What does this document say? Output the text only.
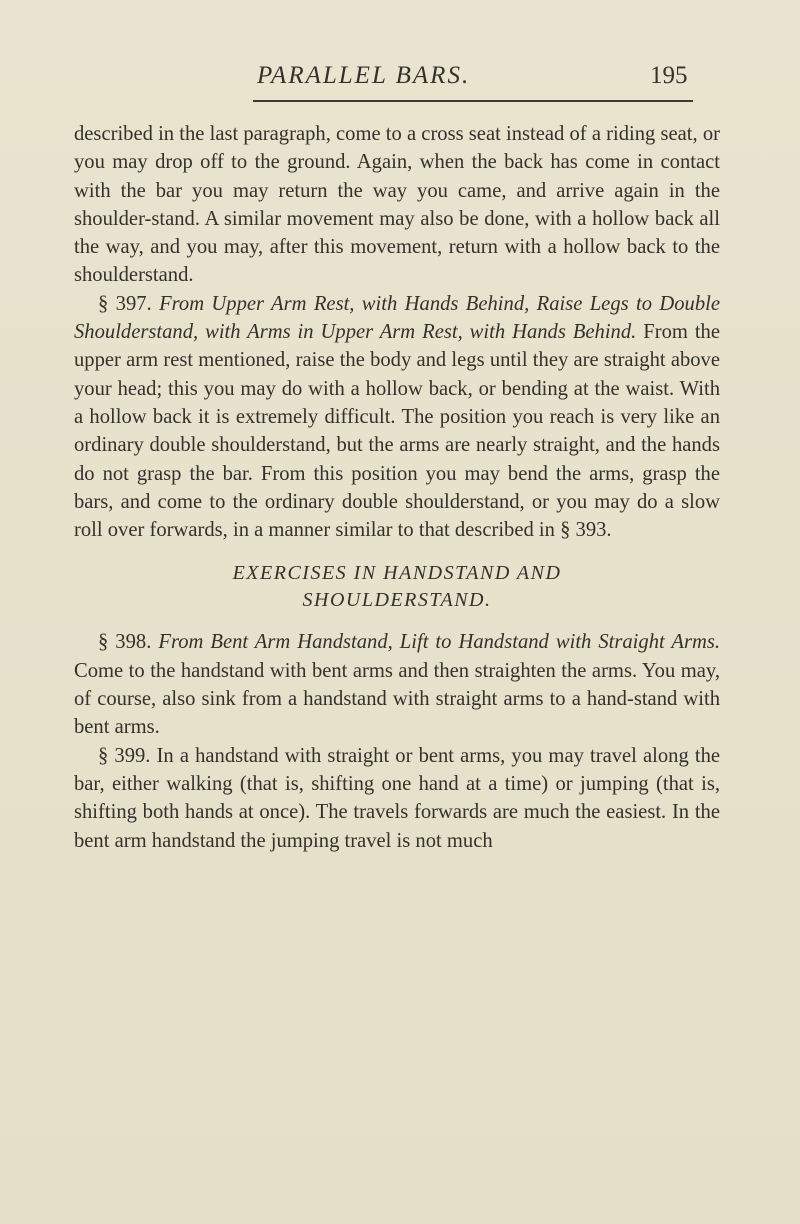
PARALLEL BARS.	195

described in the last paragraph, come to a cross seat instead of a riding seat, or you may drop off to the ground. Again, when the back has come in contact with the bar you may return the way you came, and arrive again in the shoulder-stand. A similar movement may also be done, with a hollow back all the way, and you may, after this movement, return with a hollow back to the shoulderstand.

§ 397. From Upper Arm Rest, with Hands Behind, Raise Legs to Double Shoulderstand, with Arms in Upper Arm Rest, with Hands Behind. From the upper arm rest mentioned, raise the body and legs until they are straight above your head; this you may do with a hollow back, or bending at the waist. With a hollow back it is extremely difficult. The position you reach is very like an ordinary double shoulderstand, but the arms are nearly straight, and the hands do not grasp the bar. From this position you may bend the arms, grasp the bars, and come to the ordinary double shoulderstand, or you may do a slow roll over forwards, in a manner similar to that described in § 393.

EXERCISES IN HANDSTAND AND
SHOULDERSTAND.

§ 398. From Bent Arm Handstand, Lift to Handstand with Straight Arms. Come to the handstand with bent arms and then straighten the arms. You may, of course, also sink from a handstand with straight arms to a hand-stand with bent arms.

§ 399. In a handstand with straight or bent arms, you may travel along the bar, either walking (that is, shifting one hand at a time) or jumping (that is, shifting both hands at once). The travels forwards are much the easiest. In the bent arm handstand the jumping travel is not much
